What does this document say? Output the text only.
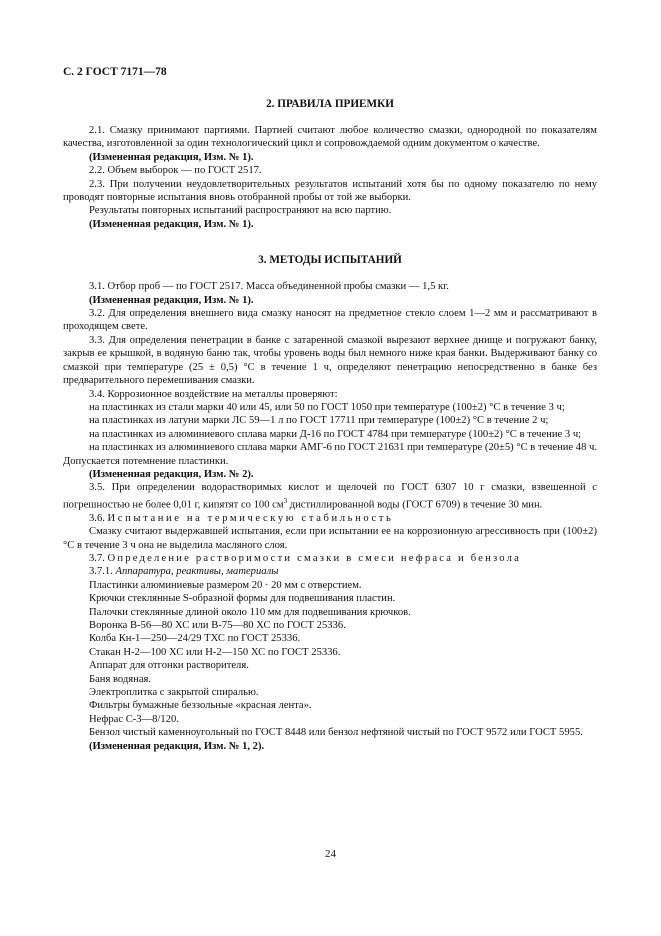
С. 2 ГОСТ 7171—78
2. ПРАВИЛА ПРИЕМКИ

2.1. Смазку принимают партиями. Партией считают любое количество смазки, однородной по показателям качества, изготовленной за один технологический цикл и сопровождаемой одним документом о качестве.

(Измененная редакция, Изм. № 1).

2.2. Объем выборок — по ГОСТ 2517.

2.3. При получении неудовлетворительных результатов испытаний хотя бы по одному показателю по нему проводят повторные испытания вновь отобранной пробы от той же выборки.

Результаты повторных испытаний распространяют на всю партию.

(Измененная редакция, Изм. № 1).

3. МЕТОДЫ ИСПЫТАНИЙ

3.1. Отбор проб — по ГОСТ 2517. Масса объединенной пробы смазки — 1,5 кг.

(Измененная редакция, Изм. № 1).

3.2. Для определения внешнего вида смазку наносят на предметное стекло слоем 1—2 мм и рассматривают в проходящем свете.

3.3. Для определения пенетрации в банке с затаренной смазкой вырезают верхнее днище и погружают банку, закрыв ее крышкой, в водяную баню так, чтобы уровень воды был немного ниже края банки. Выдерживают банку со смазкой при температуре (25 ± 0,5) °С в течение 1 ч, определяют пенетрацию непосредственно в банке без предварительного перемешивания смазки.

3.4. Коррозионное воздействие на металлы проверяют:

на пластинках из стали марки 40 или 45, или 50 по ГОСТ 1050 при температуре (100±2) °С в течение 3 ч;

на пластинках из латуни марки ЛС 59—1 л по ГОСТ 17711 при температуре (100±2) °С в течение 2 ч;

на пластинках из алюминиевого сплава марки Д-16 по ГОСТ 4784 при температуре (100±2) °С в течение 3 ч;

на пластинках из алюминиевого сплава марки АМГ-6 по ГОСТ 21631 при температуре (20±5) °С в течение 48 ч. Допускается потемнение пластинки.

(Измененная редакция, Изм. № 2).

3.5. При определении водорастворимых кислот и щелочей по ГОСТ 6307 10 г смазки, взвешенной с погрешностью не более 0,01 г, кипятят со 100 $см^3$ дистиллированной воды (ГОСТ 6709) в течение 30 мин.

3.6. Испытание на термическую стабильность

Смазку считают выдержавшей испытания, если при испытании ее на коррозионную агрессивность при (100±2) °С в течение 3 ч она не выделила масляного слоя.

3.7. Определение растворимости смазки в смеси нефраса и бензола

3.7.1. Аппаратура, реактивы, материалы

Пластинки алюминиевые размером 20 · 20 мм с отверстием.

Крючки стеклянные S-образной формы для подвешивания пластин.

Палочки стеклянные длиной около 110 мм для подвешивания крючков.

Воронка В-56—80 ХС или В-75—80 ХС по ГОСТ 25336.

Колба Кн-1—250—24/29 ТХС по ГОСТ 25336.

Стакан Н-2—100 ХС или Н-2—150 ХС по ГОСТ 25336.

Аппарат для отгонки растворителя.

Баня водяная.

Электроплитка с закрытой спиралью.

Фильтры бумажные беззольные «красная лента».

Нефрас С-3—8/120.

Бензол чистый каменноугольный по ГОСТ 8448 или бензол нефтяной чистый по ГОСТ 9572 или ГОСТ 5955.

(Измененная редакция, Изм. № 1, 2).

24
